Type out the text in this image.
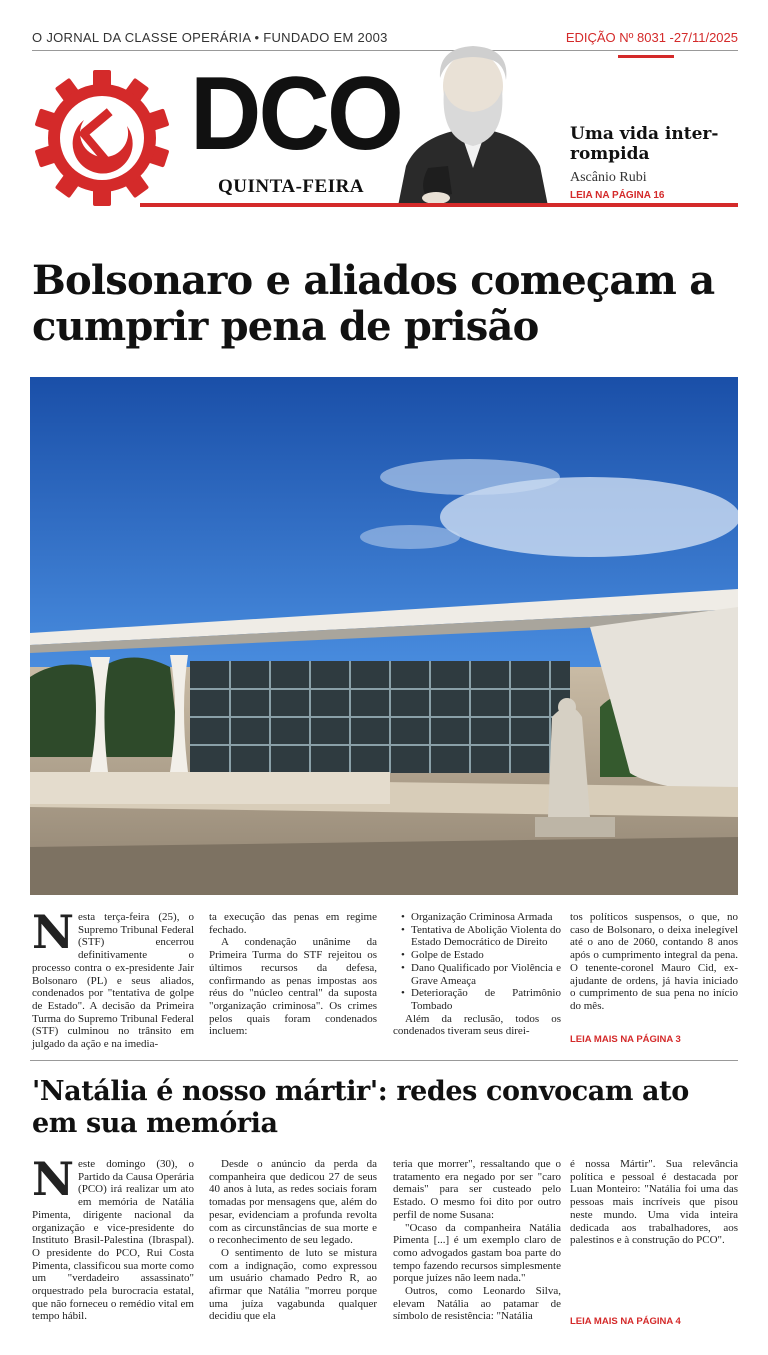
O JORNAL DA CLASSE OPERÁRIA • FUNDADO EM 2003	EDIÇÃO Nº 8031 -27/11/2025
DCO
QUINTA-FEIRA
Uma vida inter-rompida
Ascânio Rubi
LEIA NA PÁGINA 16
Bolsonaro e aliados começam a cumprir pena de prisão
N esta terça-feira (25), o Supremo Tribunal Federal (STF) encerrou definitivamente o processo contra o ex-presidente Jair Bolsonaro (PL) e seus aliados, condenados por "tentativa de golpe de Estado". A decisão da Primeira Turma do Supremo Tribunal Federal (STF) culminou no trânsito em julgado da ação e na imedia-

ta execução das penas em regime fechado.

A condenação unânime da Primeira Turma do STF rejeitou os últimos recursos da defesa, confirmando as penas impostas aos réus do "núcleo central" da suposta "organização criminosa". Os crimes pelos quais foram condenados incluem:

• Organização Criminosa Armada
• Tentativa de Abolição Violenta do Estado Democrático de Direito
• Golpe de Estado
• Dano Qualificado por Violência e Grave Ameaça
• Deterioração de Patrimônio Tombado

Além da reclusão, todos os condenados tiveram seus direi-

tos políticos suspensos, o que, no caso de Bolsonaro, o deixa inelegível até o ano de 2060, contando 8 anos após o cumprimento integral da pena. O tenente-coronel Mauro Cid, ex-ajudante de ordens, já havia iniciado o cumprimento de sua pena no início do mês.

LEIA MAIS NA PÁGINA 3
'Natália é nosso mártir': redes convocam ato em sua memória
N este domingo (30), o Partido da Causa Operária (PCO) irá realizar um ato em memória de Natália Pimenta, dirigente nacional da organização e vice-presidente do Instituto Brasil-Palestina (Ibraspal). O presidente do PCO, Rui Costa Pimenta, classificou sua morte como um "verdadeiro assassinato" orquestrado pela burocracia estatal, que não forneceu o remédio vital em tempo hábil.

Desde o anúncio da perda da companheira que dedicou 27 de seus 40 anos à luta, as redes sociais foram tomadas por mensagens que, além do pesar, evidenciam a profunda revolta com as circunstâncias de sua morte e o reconhecimento de seu legado.

O sentimento de luto se mistura com a indignação, como expressou um usuário chamado Pedro R, ao afirmar que Natália "morreu porque uma juíza vagabunda qualquer decidiu que ela

teria que morrer", ressaltando que o tratamento era negado por ser "caro demais" para ser custeado pelo Estado. O mesmo foi dito por outro perfil de nome Susana:

"Ocaso da companheira Natália Pimenta [...] é um exemplo claro de como advogados gastam boa parte do tempo fazendo recursos simplesmente porque juízes não leem nada."

Outros, como Leonardo Silva, elevam Natália ao patamar de símbolo de resistência: "Natália

é nossa Mártir". Sua relevância política e pessoal é destacada por Luan Monteiro: "Natália foi uma das pessoas mais incríveis que pisou neste mundo. Uma vida inteira dedicada aos trabalhadores, aos palestinos e à construção do PCO".

LEIA MAIS NA PÁGINA 4
